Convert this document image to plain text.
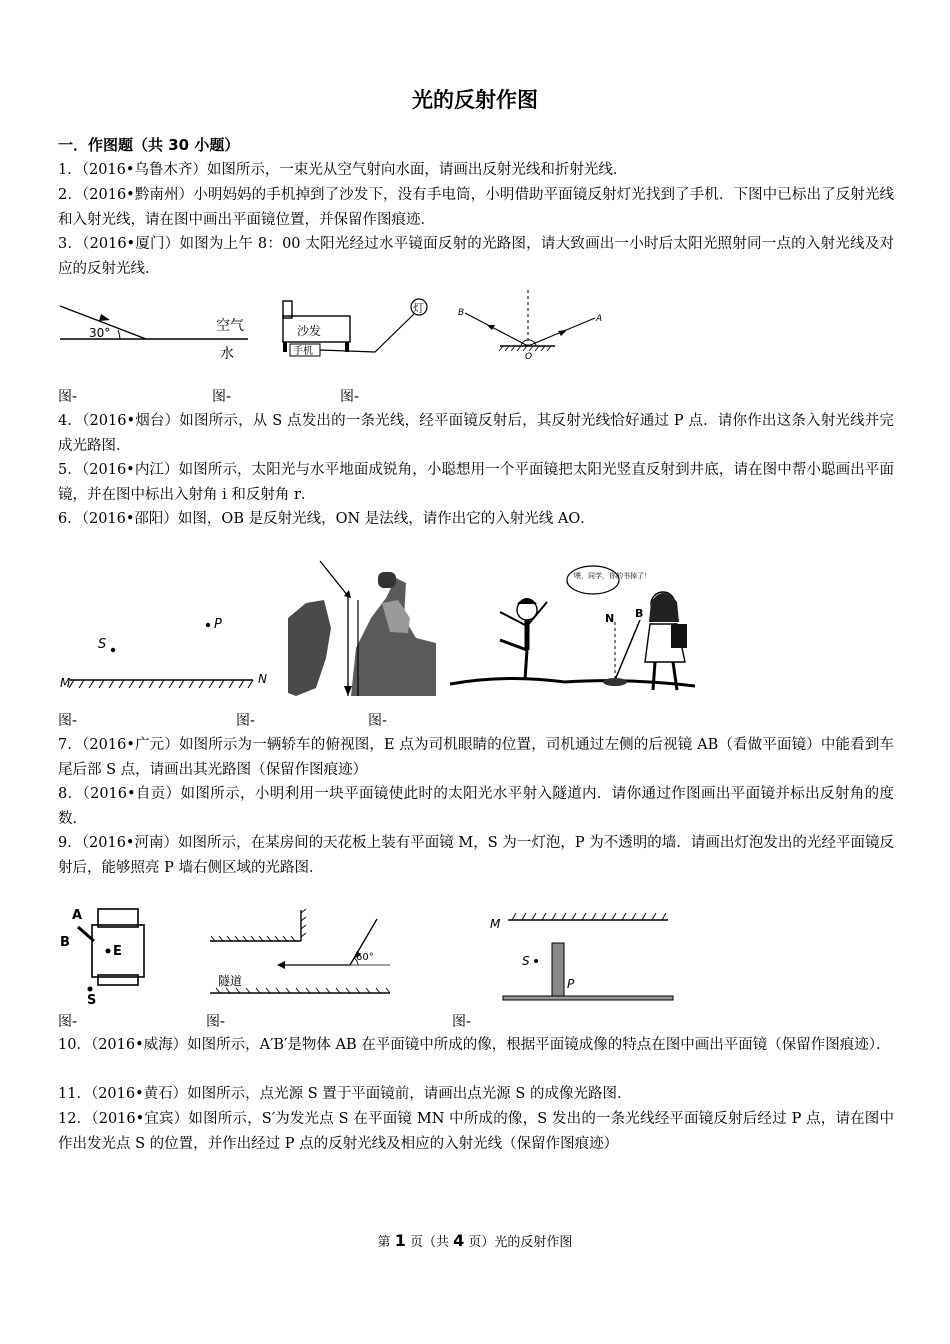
光的反射作图
一．作图题（共 30 小题）
1．（2016•乌鲁木齐）如图所示，一束光从空气射向水面，请画出反射光线和折射光线．
2．（2016•黔南州）小明妈妈的手机掉到了沙发下，没有手电筒，小明借助平面镜反射灯光找到了手机．下图中已标出了反射光线和入射光线，请在图中画出平面镜位置，并保留作图痕迹．
3．（2016•厦门）如图为上午 8：00 太阳光经过水平镜面反射的光路图，请大致画出一小时后太阳光照射同一点的入射光线及对应的反射光线．
30°	空气
水
沙发
手机
灯	B
A
O
图-	图-	图-
4．（2016•烟台）如图所示，从 S 点发出的一条光线，经平面镜反射后，其反射光线恰好通过 P 点．请你作出这条入射光线并完成光路图．
5．（2016•内江）如图所示，太阳光与水平地面成锐角，小聪想用一个平面镜把太阳光竖直反射到井底，请在图中帮小聪画出平面镜，并在图中标出入射角 i 和反射角 r．
6．（2016•邵阳）如图，OB 是反射光线，ON 是法线，请作出它的入射光线 AO．
S
P
M	N
喂，同学，你的书掉了！
N B
图-	图-	图-
7．（2016•广元）如图所示为一辆轿车的俯视图，E 点为司机眼睛的位置，司机通过左侧的后视镜 AB（看做平面镜）中能看到车尾后部 S 点，请画出其光路图（保留作图痕迹）
8．（2016•自贡）如图所示，小明利用一块平面镜使此时的太阳光水平射入隧道内．请你通过作图画出平面镜并标出反射角的度数．
9．（2016•河南）如图所示，在某房间的天花板上装有平面镜 M，S 为一灯泡，P 为不透明的墙．请画出灯泡发出的光经平面镜反射后，能够照亮 P 墙右侧区域的光路图．
A
B
E
S
60°
隧道
M
S
P
图-	图-	图-
10．（2016•威海）如图所示，A′B′是物体 AB 在平面镜中所成的像，根据平面镜成像的特点在图中画出平面镜（保留作图痕迹）．
11．（2016•黄石）如图所示，点光源 S 置于平面镜前，请画出点光源 S 的成像光路图．
12．（2016•宜宾）如图所示，S′为发光点 S 在平面镜 MN 中所成的像，S 发出的一条光线经平面镜反射后经过 P 点，请在图中作出发光点 S 的位置，并作出经过 P 点的反射光线及相应的入射光线（保留作图痕迹）
第 1 页（共 4 页）光的反射作图
